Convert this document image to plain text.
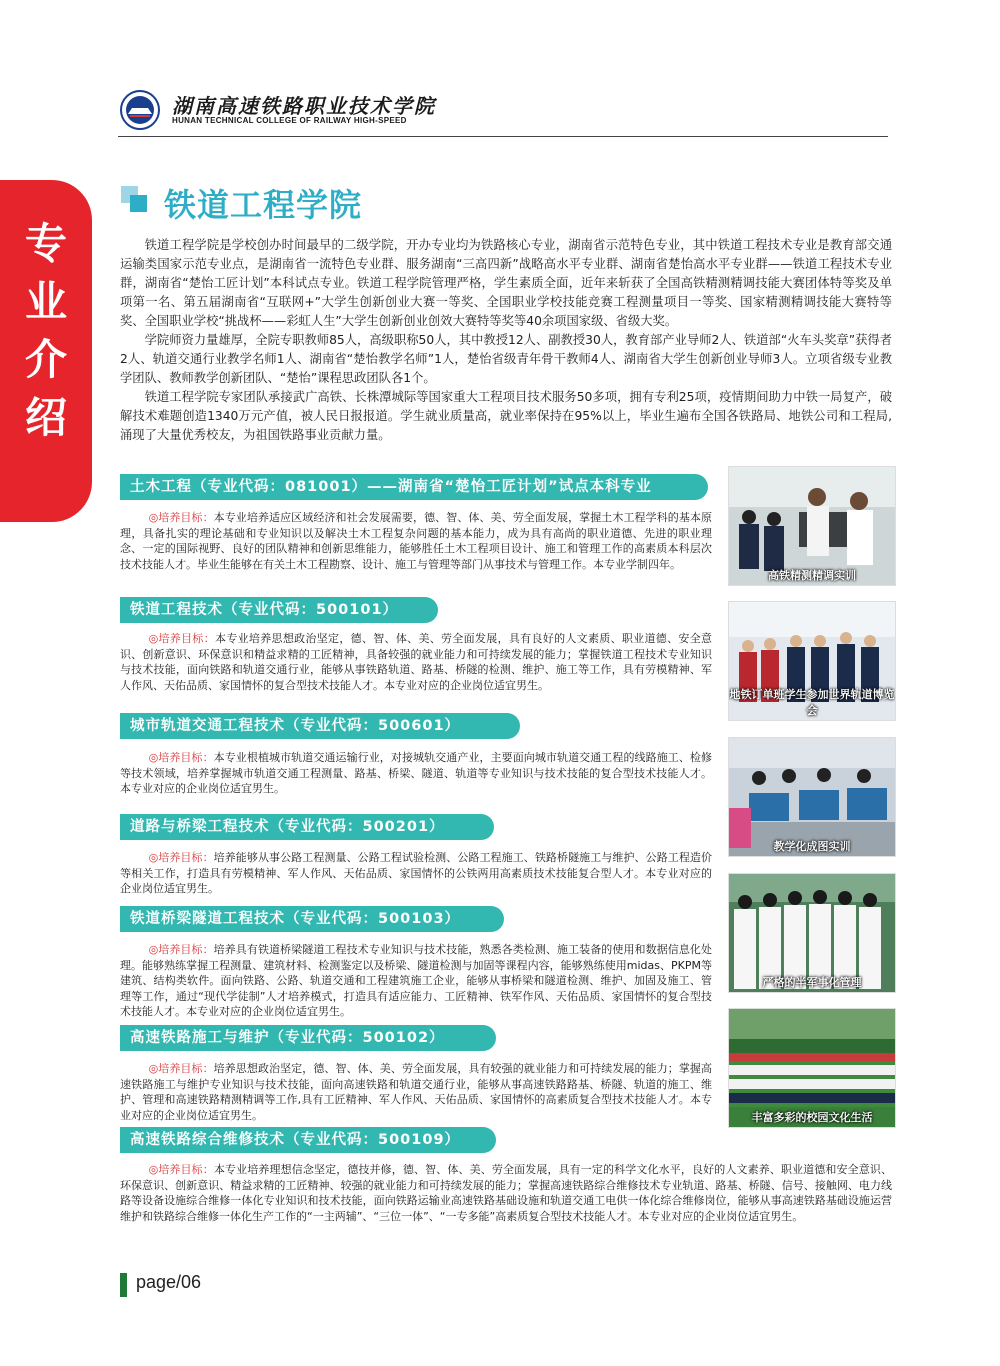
湖南高速铁路职业技术学院
HUNAN TECHNICAL COLLEGE OF RAILWAY HIGH-SPEED
专业介绍
铁道工程学院

铁道工程学院是学校创办时间最早的二级学院，开办专业均为铁路核心专业，湖南省示范特色专业，其中铁道工程技术专业是教育部交通运输类国家示范专业点，是湖南省一流特色专业群、服务湖南“三高四新”战略高水平专业群、湖南省楚怡高水平专业群——铁道工程技术专业群，湖南省“楚怡工匠计划”本科试点专业。铁道工程学院管理严格，学生素质全面，近年来斩获了全国高铁精测精调技能大赛团体特等奖及单项第一名、第五届湖南省“互联网+”大学生创新创业大赛一等奖、全国职业学校技能竞赛工程测量项目一等奖、国家精测精调技能大赛特等奖、全国职业学校“挑战杯——彩虹人生”大学生创新创业创效大赛特等奖等40余项国家级、省级大奖。

学院师资力量雄厚，全院专职教师85人，高级职称50人，其中教授12人、副教授30人，教育部产业导师2人、铁道部“火车头奖章”获得者2人、轨道交通行业教学名师1人、湖南省“楚怡教学名师”1人，楚怡省级青年骨干教师4人、湖南省大学生创新创业导师3人。立项省级专业教学团队、教师教学创新团队、“楚怡”课程思政团队各1个。

铁道工程学院专家团队承接武广高铁、长株潭城际等国家重大工程项目技术服务50多项，拥有专利25项，疫情期间助力中铁一局复产，破解技术难题创造1340万元产值，被人民日报报道。学生就业质量高，就业率保持在95%以上，毕业生遍布全国各铁路局、地铁公司和工程局, 涌现了大量优秀校友，为祖国铁路事业贡献力量。

土木工程（专业代码：081001）——湖南省“楚怡工匠计划”试点本科专业

◎培养目标：本专业培养适应区域经济和社会发展需要，德、智、体、美、劳全面发展，掌握土木工程学科的基本原理，具备扎实的理论基础和专业知识以及解决土木工程复杂问题的基本能力，成为具有高尚的职业道德、先进的职业理念、一定的国际视野、良好的团队精神和创新思维能力，能够胜任土木工程项目设计、施工和管理工作的高素质本科层次技术技能人才。毕业生能够在有关土木工程勘察、设计、施工与管理等部门从事技术与管理工作。本专业学制四年。

铁道工程技术（专业代码：500101）

◎培养目标：本专业培养思想政治坚定，德、智、体、美、劳全面发展，具有良好的人文素质、职业道德、安全意识、创新意识、环保意识和精益求精的工匠精神，具备较强的就业能力和可持续发展的能力；掌握铁道工程技术专业知识与技术技能，面向铁路和轨道交通行业，能够从事铁路轨道、路基、桥隧的检测、维护、施工等工作，具有劳模精神、军人作风、天佑品质、家国情怀的复合型技术技能人才。本专业对应的企业岗位适宜男生。

城市轨道交通工程技术（专业代码：500601）

◎培养目标：本专业根植城市轨道交通运输行业，对接城轨交通产业，主要面向城市轨道交通工程的线路施工、检修等技术领域，培养掌握城市轨道交通工程测量、路基、桥梁、隧道、轨道等专业知识与技术技能的复合型技术技能人才。本专业对应的企业岗位适宜男生。

道路与桥梁工程技术（专业代码：500201）

◎培养目标：培养能够从事公路工程测量、公路工程试验检测、公路工程施工、铁路桥隧施工与维护、公路工程造价等相关工作，打造具有劳模精神、军人作风、天佑品质、家国情怀的公铁两用高素质技术技能复合型人才。本专业对应的企业岗位适宜男生。

铁道桥梁隧道工程技术（专业代码：500103）

◎培养目标：培养具有铁道桥梁隧道工程技术专业知识与技术技能，熟悉各类检测、施工装备的使用和数据信息化处理。能够熟练掌握工程测量、建筑材料、检测鉴定以及桥梁、隧道检测与加固等课程内容，能够熟练使用midas、PKPM等建筑、结构类软件。面向铁路、公路、轨道交通和工程建筑施工企业，能够从事桥梁和隧道检测、维护、加固及施工、管理等工作，通过“现代学徒制”人才培养模式，打造具有适应能力、工匠精神、铁军作风、天佑品质、家国情怀的复合型技术技能人才。本专业对应的企业岗位适宜男生。

高速铁路施工与维护（专业代码：500102）

◎培养目标：培养思想政治坚定，德、智、体、美、劳全面发展，具有较强的就业能力和可持续发展的能力；掌握高速铁路施工与维护专业知识与技术技能，面向高速铁路和轨道交通行业，能够从事高速铁路路基、桥隧、轨道的施工、维护、管理和高速铁路精测精调等工作,具有工匠精神、军人作风、天佑品质、家国情怀的高素质复合型技术技能人才。本专业对应的企业岗位适宜男生。

高速铁路综合维修技术（专业代码：500109）

◎培养目标：本专业培养理想信念坚定，德技并修，德、智、体、美、劳全面发展，具有一定的科学文化水平，良好的人文素养、职业道德和安全意识、环保意识、创新意识、精益求精的工匠精神、较强的就业能力和可持续发展的能力；掌握高速铁路综合维修技术专业轨道、路基、桥隧、信号、接触网、电力线路等设备设施综合维修一体化专业知识和技术技能，面向铁路运输业高速铁路基础设施和轨道交通工电供一体化综合维修岗位，能够从事高速铁路基础设施运营维护和铁路综合维修一体化生产工作的“一主两辅”、“三位一体”、“一专多能”高素质复合型技术技能人才。本专业对应的企业岗位适宜男生。

高铁精测精调实训
地铁订单班学生参加世界轨道博览会
教学化成图实训
严格的半军事化管理
丰富多彩的校园文化生活
page/06
